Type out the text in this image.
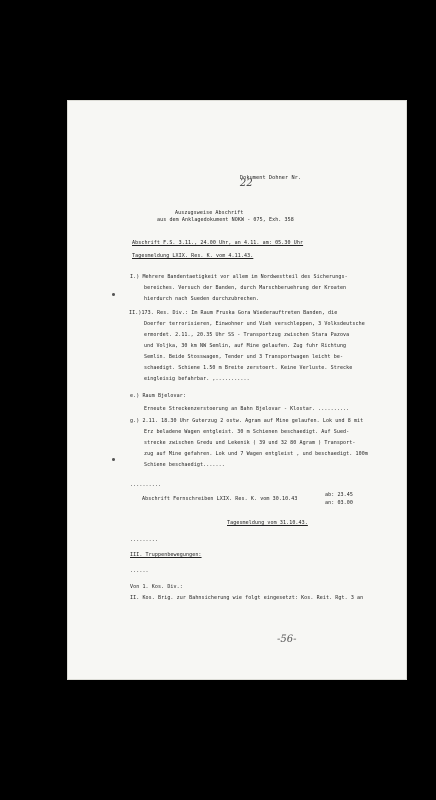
Dokument Dohner Nr.
22

Auszugsweise Abschrift
aus dem Anklagedokument NOKW - 075, Exh. 358
Abschrift F.S. 3.11., 24.00 Uhr, an 4.11. am: 05.30 Uhr
Tagesmeldung LXIX. Res. K. vom 4.11.43.
I.) Mehrere Bandentaetigkeit vor allem im Nordwestteil des Sicherungs-
bereiches. Versuch der Banden, durch Marschberuehrung der Kroaten
hierdurch nach Sueden durchzubrechen.
II.)173. Res. Div.: Im Raum Fruska Gora Wiederauftreten Banden, die
Doerfer terrorisieren, Einwohner und Vieh verschleppen, 3 Volksdeutsche
ermordet. 2.11., 20.35 Uhr SS - Transportzug zwischen Stara Pazova
und Voljka, 30 km NW Semlin, auf Mine gelaufen. Zug fuhr Richtung
Semlin. Beide Stosswagen, Tender und 3 Transportwagen leicht be-
schaedigt. Schiene 1.50 m Breite zerstoert. Keine Verluste. Strecke
eingleisig befahrbar. ,...........
e.) Raum Bjelovar:
Erneute Streckenzerstoerung an Bahn Bjelovar - Klostar. ..........
g.) 2.11. 18.30 Uhr Guterzug 2 ostw. Agram auf Mine gelaufen. Lok und 8 mit
Erz beladene Wagen entgleist. 30 m Schienen beschaedigt. Auf Sued-
strecke zwischen Gredu und Lekenik ( 39 und 32 80 Agram ) Transport-
zug auf Mine gefahren. Lok und 7 Wagen entgleist , und beschaedigt. 100m
Schiene beschaedigt.......
..........
Abschrift Fernschreiben LXIX. Res. K. vom 30.10.43
ab: 23.45
an: 03.00
Tagesmeldung vom 31.10.43.
.........
III. Truppenbewegungen:
......
Von 1. Kos. Div.:
II. Kos. Brig. zur Bahnsicherung wie folgt eingesetzt: Kos. Reit. Rgt. 3 an
-56-
